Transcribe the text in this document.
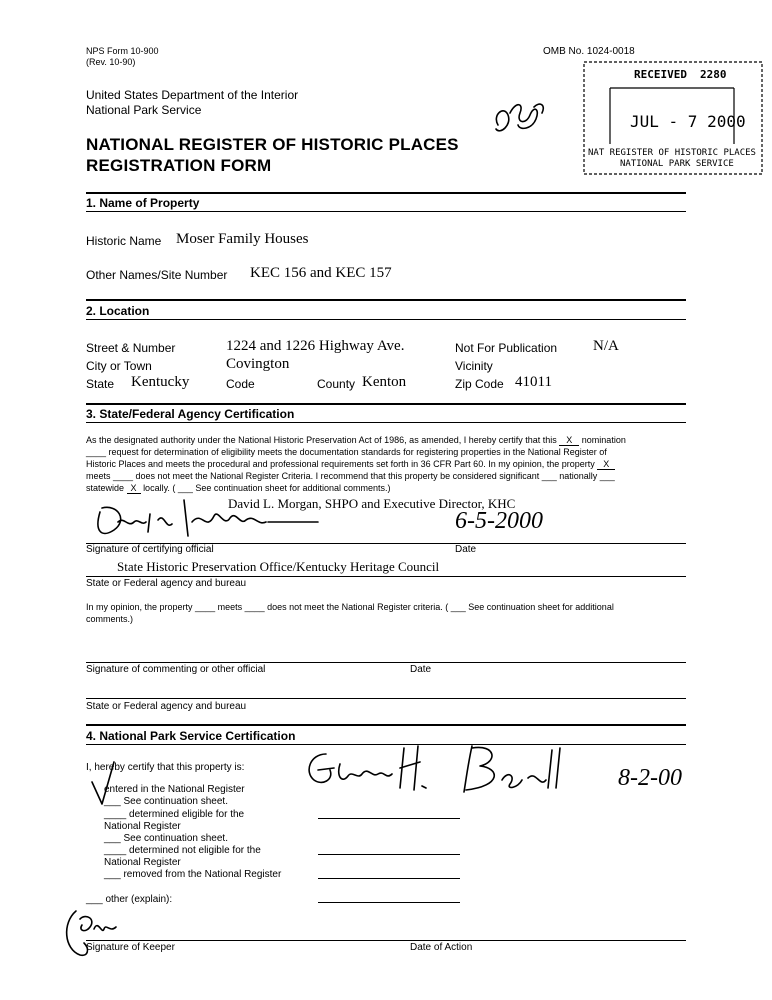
NPS Form 10-900
(Rev. 10-90)
OMB No. 1024-0018
United States Department of the Interior
National Park Service
NATIONAL REGISTER OF HISTORIC PLACES
REGISTRATION FORM
RECEIVED 2280
JUL - 7 2000
NAT REGISTER OF HISTORIC PLACES
NATIONAL PARK SERVICE
1. Name of Property
Historic Name Moser Family Houses
Other Names/Site Number KEC 156 and KEC 157
2. Location
Street & Number	1224 and 1226 Highway Ave.	Not For Publication N/A
City or Town	Covington	Vicinity
State Kentucky	Code	County Kenton	Zip Code 41011
3. State/Federal Agency Certification
As the designated authority under the National Historic Preservation Act of 1986, as amended, I hereby certify that this X nomination
____ request for determination of eligibility meets the documentation standards for registering properties in the National Register of
Historic Places and meets the procedural and professional requirements set forth in 36 CFR Part 60. In my opinion, the property X
meets ____ does not meet the National Register Criteria. I recommend that this property be considered significant ___ nationally ___
statewide X locally. ( ___ See continuation sheet for additional comments.)
David L. Morgan, SHPO and Executive Director, KHC
6-5-2000
Signature of certifying official	Date
State Historic Preservation Office/Kentucky Heritage Council
State or Federal agency and bureau
In my opinion, the property ____ meets ____ does not meet the National Register criteria. ( ___ See continuation sheet for additional
comments.)
Signature of commenting or other official	Date
State or Federal agency and bureau
4. National Park Service Certification
I, hereby certify that this property is:
entered in the National Register
___ See continuation sheet.
____ determined eligible for the
National Register
___ See continuation sheet.
____ determined not eligible for the
National Register
___ removed from the National Register
___ other (explain):
8-2-00
Signature of Keeper	Date of Action
